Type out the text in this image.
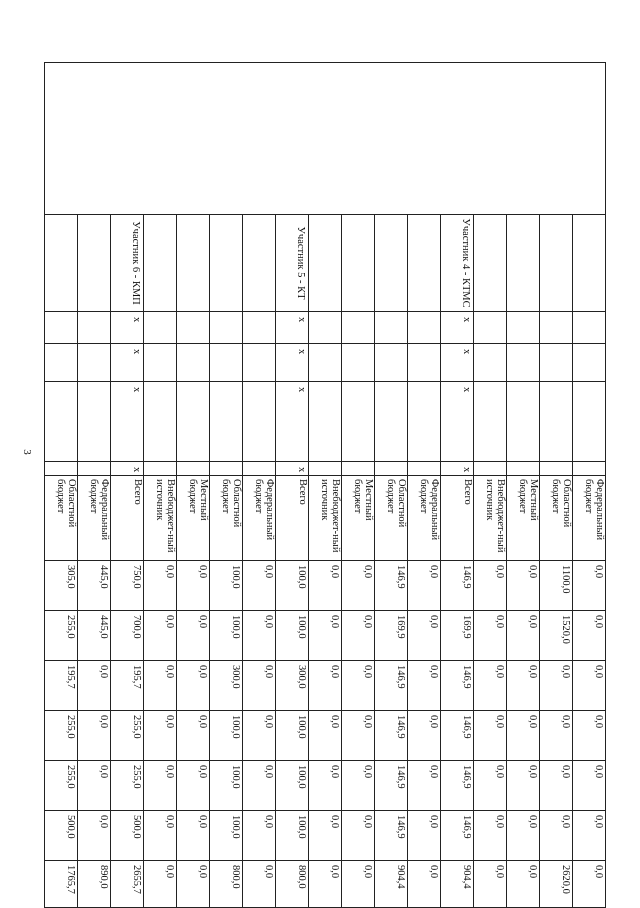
3
						Федеральный бюджет	0,0	0,0	0,0	0,0	0,0	0,0	0,0
						Областной бюджет	1100,0	1520,0	0,0	0,0	0,0	0,0	2620,0
						Местный бюджет	0,0	0,0	0,0	0,0	0,0	0,0	0,0
						Внебюджет-ный источник	0,0	0,0	0,0	0,0	0,0	0,0	0,0
	Участник 4 - КТМС	х	х	х	х	Всего	146,9	169,9	146,9	146,9	146,9	146,9	904,4
						Федеральный бюджет	0,0	0,0	0,0	0,0	0,0	0,0	0,0
						Областной бюджет	146,9	169,9	146,9	146,9	146,9	146,9	904,4
						Местный бюджет	0,0	0,0	0,0	0,0	0,0	0,0	0,0
						Внебюджет-ный источник	0,0	0,0	0,0	0,0	0,0	0,0	0,0
	Участник 5 - КТ	х	х	х	х	Всего	100,0	100,0	300,0	100,0	100,0	100,0	800,0
						Федеральный бюджет	0,0	0,0	0,0	0,0	0,0	0,0	0,0
						Областной бюджет	100,0	100,0	300,0	100,0	100,0	100,0	800,0
						Местный бюджет	0,0	0,0	0,0	0,0	0,0	0,0	0,0
						Внебюджет-ный источник	0,0	0,0	0,0	0,0	0,0	0,0	0,0
	Участник 6 - КМП	х	х	х	х	Всего	750,0	700,0	195,7	255,0	255,0	500,0	2655,7
						Федеральный бюджет	445,0	445,0	0,0	0,0	0,0	0,0	890,0
						Областной бюджет	305,0	255,0	195,7	255,0	255,0	500,0	1765,7
